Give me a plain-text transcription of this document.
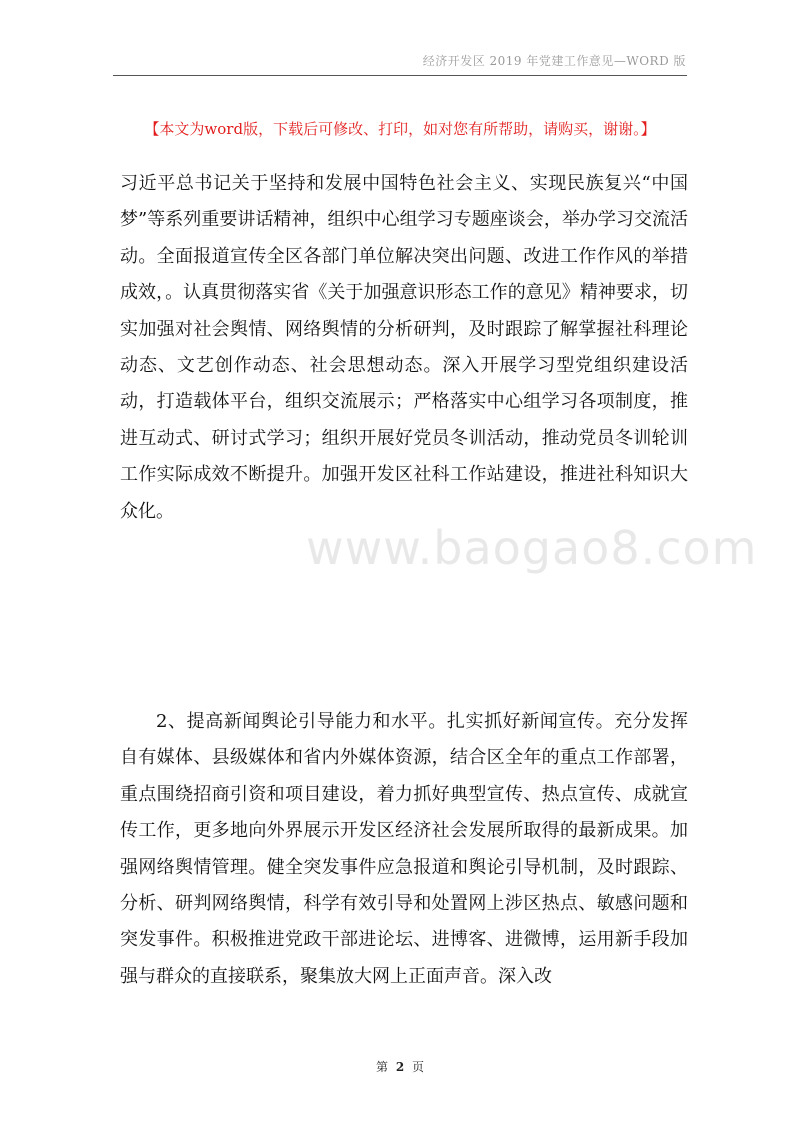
经济开发区 2019 年党建工作意见—WORD 版
【本文为word版，下载后可修改、打印，如对您有所帮助，请购买，谢谢。】

习近平总书记关于坚持和发展中国特色社会主义、实现民族复兴“中国梦”等系列重要讲话精神，组织中心组学习专题座谈会，举办学习交流活动。全面报道宣传全区各部门单位解决突出问题、改进工作作风的举措成效，。认真贯彻落实省《关于加强意识形态工作的意见》精神要求，切实加强对社会舆情、网络舆情的分析研判，及时跟踪了解掌握社科理论动态、文艺创作动态、社会思想动态。深入开展学习型党组织建设活动，打造载体平台，组织交流展示；严格落实中心组学习各项制度，推进互动式、研讨式学习；组织开展好党员冬训活动，推动党员冬训轮训工作实际成效不断提升。加强开发区社科工作站建设，推进社科知识大众化。

www.baogao8.com

2、提高新闻舆论引导能力和水平。扎实抓好新闻宣传。充分发挥自有媒体、县级媒体和省内外媒体资源，结合区全年的重点工作部署，重点围绕招商引资和项目建设，着力抓好典型宣传、热点宣传、成就宣传工作，更多地向外界展示开发区经济社会发展所取得的最新成果。加强网络舆情管理。健全突发事件应急报道和舆论引导机制，及时跟踪、分析、研判网络舆情，科学有效引导和处置网上涉区热点、敏感问题和突发事件。积极推进党政干部进论坛、进博客、进微博，运用新手段加强与群众的直接联系，聚集放大网上正面声音。深入改

第 2 页
